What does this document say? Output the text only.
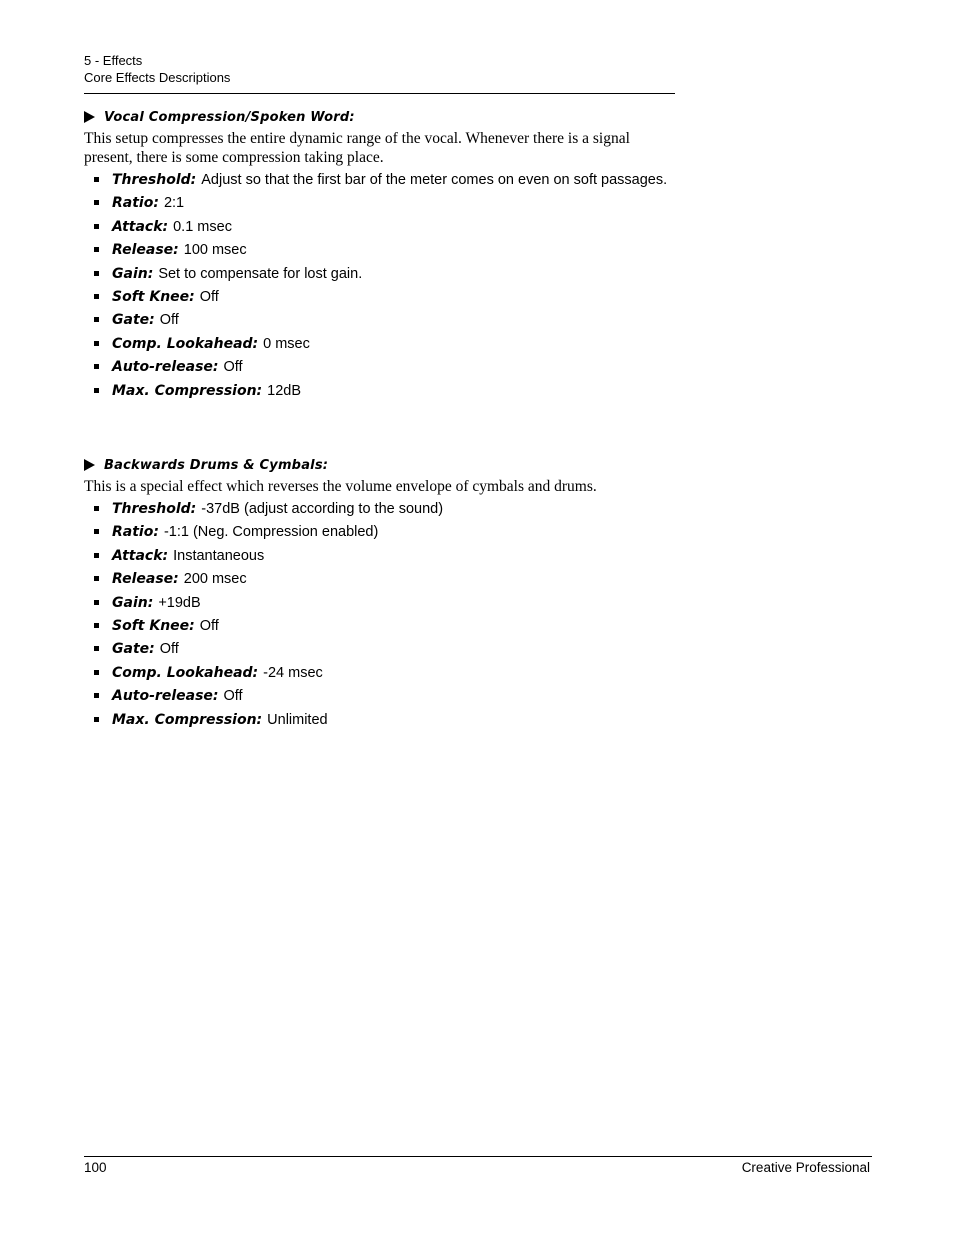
5 - Effects
Core Effects Descriptions
Vocal Compression/Spoken Word:

This setup compresses the entire dynamic range of the vocal. Whenever there is a signal present, there is some compression taking place.

Threshold: Adjust so that the first bar of the meter comes on even on soft passages.
Ratio: 2:1
Attack: 0.1 msec
Release: 100 msec
Gain: Set to compensate for lost gain.
Soft Knee: Off
Gate: Off
Comp. Lookahead: 0 msec
Auto-release: Off
Max. Compression: 12dB
Backwards Drums & Cymbals:

This is a special effect which reverses the volume envelope of cymbals and drums.

Threshold: -37dB (adjust according to the sound)
Ratio: -1:1 (Neg. Compression enabled)
Attack: Instantaneous
Release: 200 msec
Gain: +19dB
Soft Knee: Off
Gate: Off
Comp. Lookahead: -24 msec
Auto-release: Off
Max. Compression: Unlimited
100	Creative Professional
